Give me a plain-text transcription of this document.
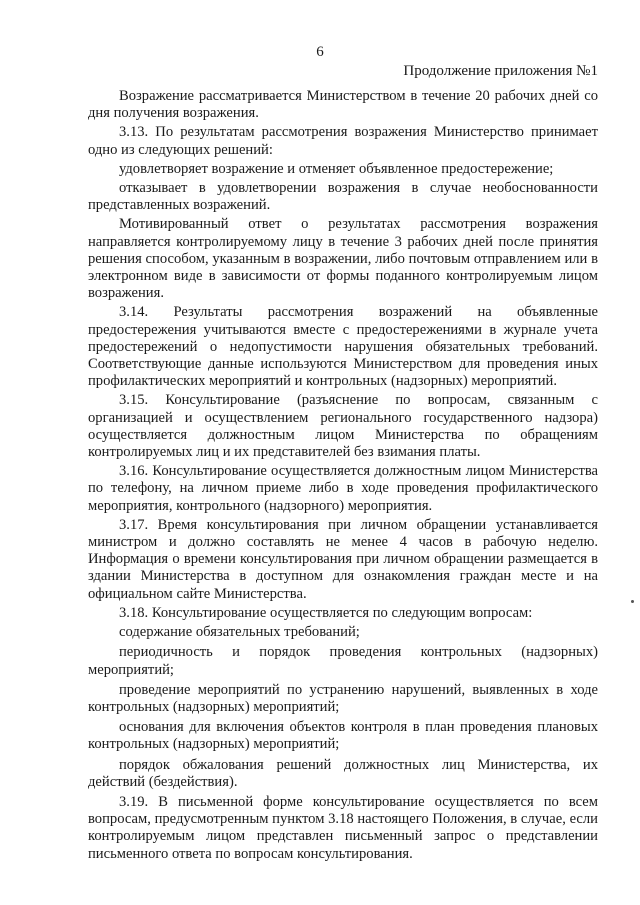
6
Продолжение приложения №1

Возражение рассматривается Министерством в течение 20 рабочих дней со дня получения возражения.

3.13. По результатам рассмотрения возражения Министерство принимает одно из следующих решений:

удовлетворяет возражение и отменяет объявленное предостережение;

отказывает в удовлетворении возражения в случае необоснованности представленных возражений.

Мотивированный ответ о результатах рассмотрения возражения направляется контролируемому лицу в течение 3 рабочих дней после принятия решения способом, указанным в возражении, либо почтовым отправлением или в электронном виде в зависимости от формы поданного контролируемым лицом возражения.

3.14. Результаты рассмотрения возражений на объявленные предостережения учитываются вместе с предостережениями в журнале учета предостережений о недопустимости нарушения обязательных требований. Соответствующие данные используются Министерством для проведения иных профилактических мероприятий и контрольных (надзорных) мероприятий.

3.15. Консультирование (разъяснение по вопросам, связанным с организацией и осуществлением регионального государственного надзора) осуществляется должностным лицом Министерства по обращениям контролируемых лиц и их представителей без взимания платы.

3.16. Консультирование осуществляется должностным лицом Министерства по телефону, на личном приеме либо в ходе проведения профилактического мероприятия, контрольного (надзорного) мероприятия.

3.17. Время консультирования при личном обращении устанавливается министром и должно составлять не менее 4 часов в рабочую неделю. Информация о времени консультирования при личном обращении размещается в здании Министерства в доступном для ознакомления граждан месте и на официальном сайте Министерства.

3.18. Консультирование осуществляется по следующим вопросам:

содержание обязательных требований;

периодичность и порядок проведения контрольных (надзорных) мероприятий;

проведение мероприятий по устранению нарушений, выявленных в ходе контрольных (надзорных) мероприятий;

основания для включения объектов контроля в план проведения плановых контрольных (надзорных) мероприятий;

порядок обжалования решений должностных лиц Министерства, их действий (бездействия).

3.19. В письменной форме консультирование осуществляется по всем вопросам, предусмотренным пунктом 3.18 настоящего Положения, в случае, если контролируемым лицом представлен письменный запрос о представлении письменного ответа по вопросам консультирования.
